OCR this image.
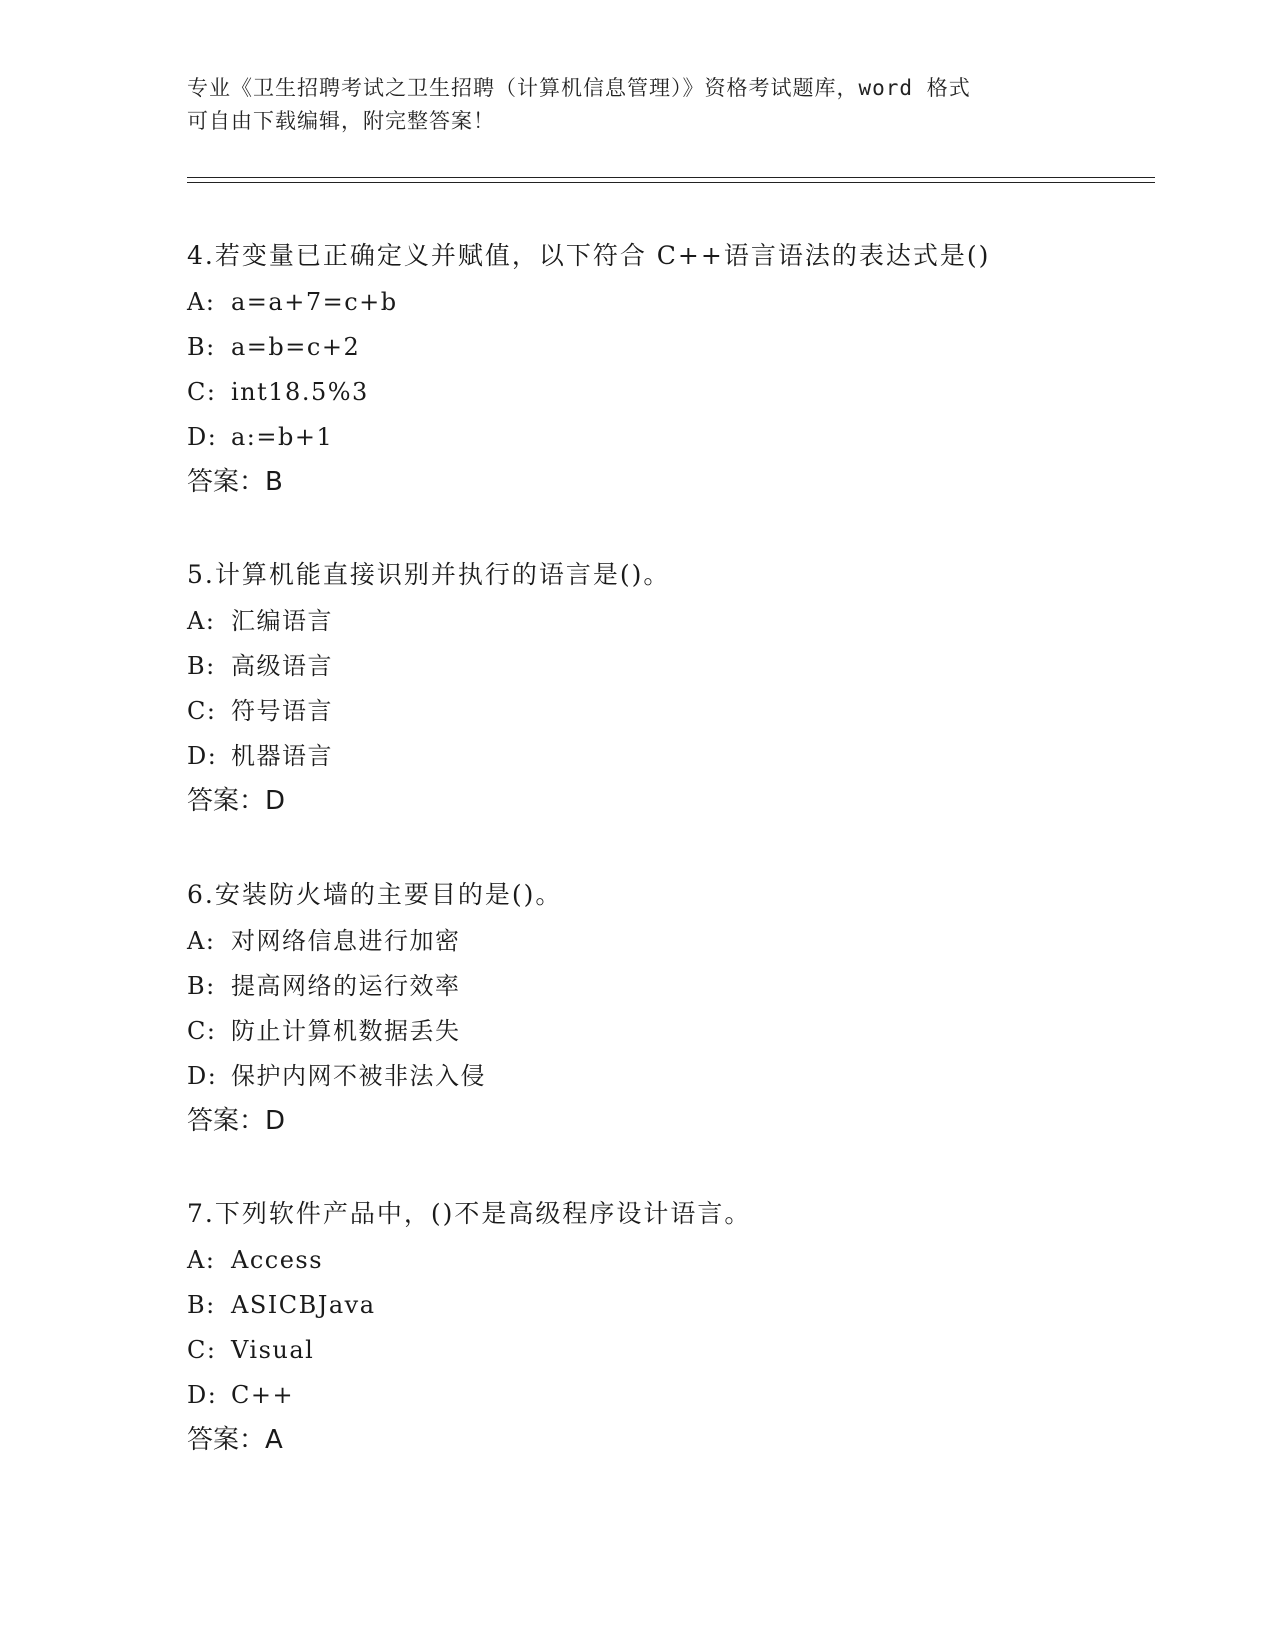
专业《卫生招聘考试之卫生招聘（计算机信息管理）》资格考试题库，word 格式
可自由下载编辑，附完整答案！
4.若变量已正确定义并赋值，以下符合 C++语言语法的表达式是()
A: a=a+7=c+b
B: a=b=c+2
C: int18.5%3
D: a:=b+1
答案：B
5.计算机能直接识别并执行的语言是()。
A: 汇编语言
B: 高级语言
C: 符号语言
D: 机器语言
答案：D
6.安装防火墙的主要目的是()。
A: 对网络信息进行加密
B: 提高网络的运行效率
C: 防止计算机数据丢失
D: 保护内网不被非法入侵
答案：D
7.下列软件产品中，()不是高级程序设计语言。
A: Access
B: ASICBJava
C: Visual
D: C++
答案：A
